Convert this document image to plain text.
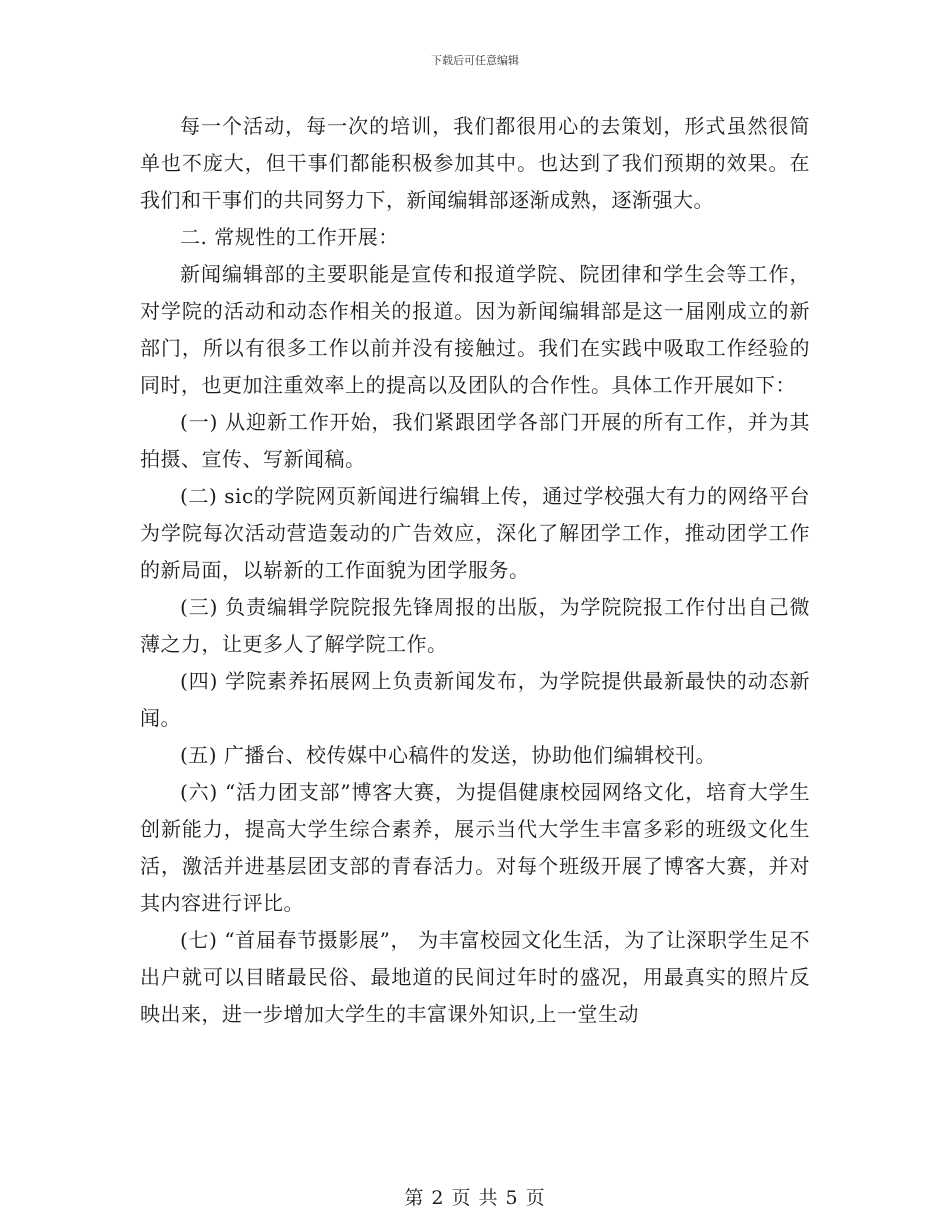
下载后可任意编辑

每一个活动，每一次的培训，我们都很用心的去策划，形式虽然很简单也不庞大，但干事们都能积极参加其中。也达到了我们预期的效果。在我们和干事们的共同努力下，新闻编辑部逐渐成熟，逐渐强大。

二. 常规性的工作开展：

新闻编辑部的主要职能是宣传和报道学院、院团律和学生会等工作，对学院的活动和动态作相关的报道。因为新闻编辑部是这一届刚成立的新部门，所以有很多工作以前并没有接触过。我们在实践中吸取工作经验的同时，也更加注重效率上的提高以及团队的合作性。具体工作开展如下：

(一) 从迎新工作开始，我们紧跟团学各部门开展的所有工作，并为其拍摄、宣传、写新闻稿。

(二) sic的学院网页新闻进行编辑上传，通过学校强大有力的网络平台为学院每次活动营造轰动的广告效应，深化了解团学工作，推动团学工作的新局面，以崭新的工作面貌为团学服务。

(三) 负责编辑学院院报先锋周报的出版，为学院院报工作付出自己微薄之力，让更多人了解学院工作。

(四) 学院素养拓展网上负责新闻发布，为学院提供最新最快的动态新闻。

(五) 广播台、校传媒中心稿件的发送，协助他们编辑校刊。

(六) “活力团支部”博客大赛，为提倡健康校园网络文化，培育大学生创新能力，提高大学生综合素养，展示当代大学生丰富多彩的班级文化生活，激活并进基层团支部的青春活力。对每个班级开展了博客大赛，并对其内容进行评比。

(七) “首届春节摄影展”， 为丰富校园文化生活，为了让深职学生足不出户就可以目睹最民俗、最地道的民间过年时的盛况，用最真实的照片反映出来，进一步增加大学生的丰富课外知识,上一堂生动

第 2 页 共 5 页
